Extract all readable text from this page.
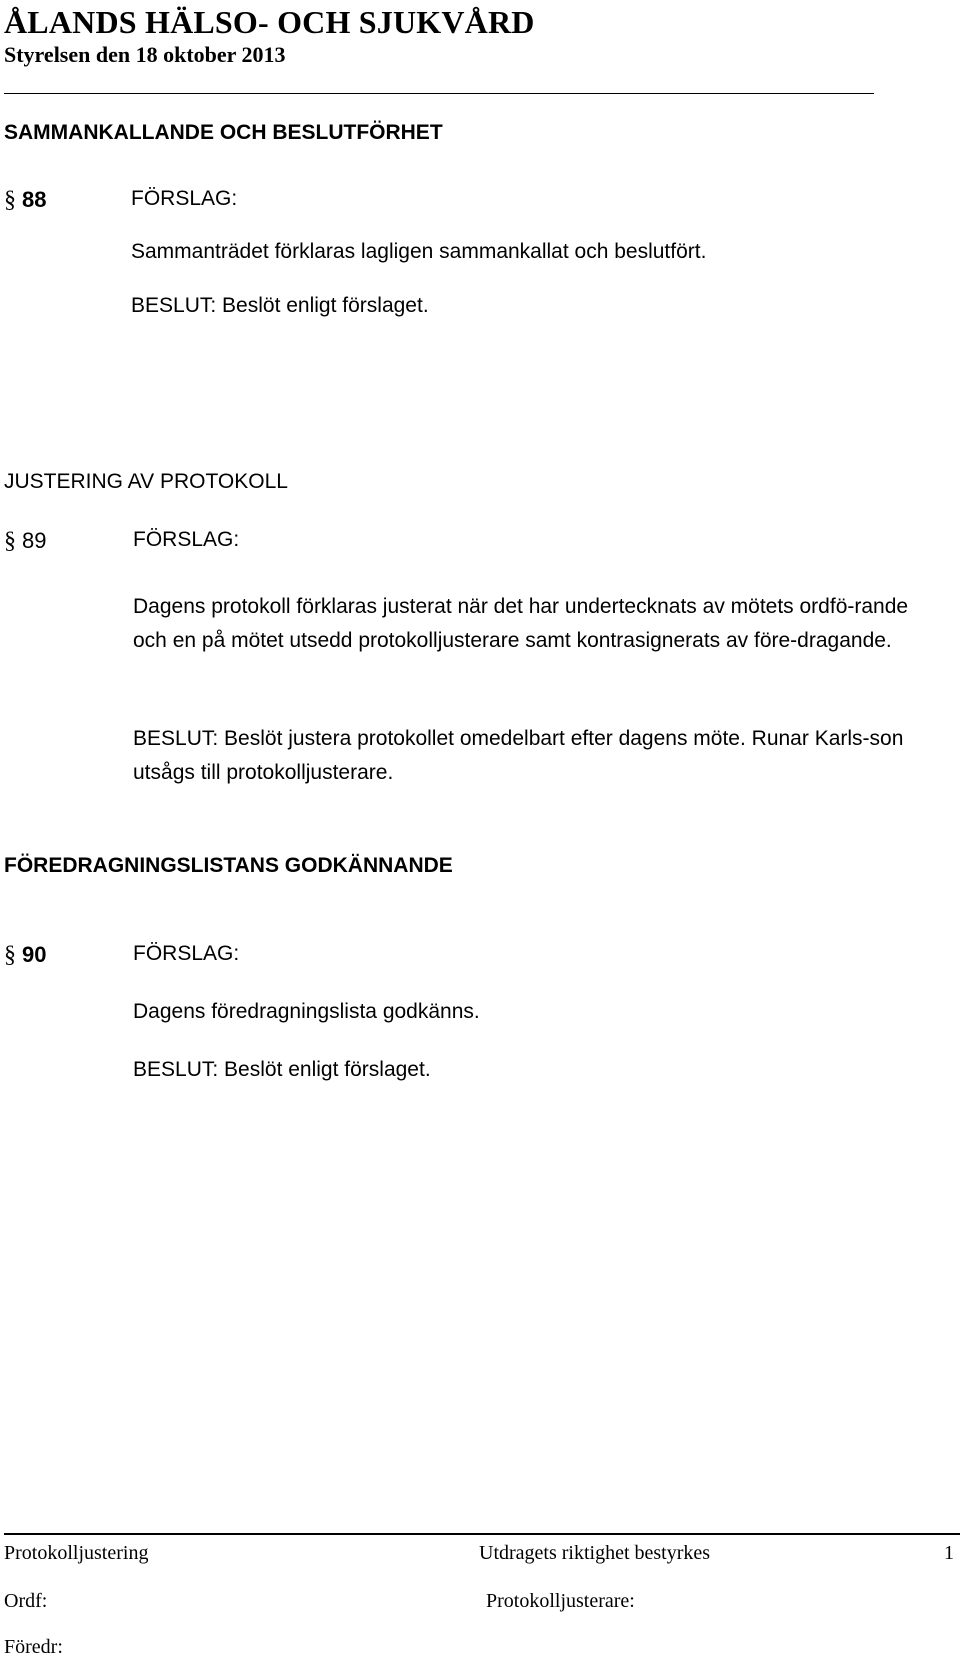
ÅLANDS HÄLSO- OCH SJUKVÅRD
Styrelsen den 18 oktober 2013
SAMMANKALLANDE OCH BESLUTFÖRHET
§ 88	FÖRSLAG:
Sammanträdet förklaras lagligen sammankallat och beslutfört.
BESLUT: Beslöt enligt förslaget.
JUSTERING AV PROTOKOLL
§ 89	FÖRSLAG:
Dagens protokoll förklaras justerat när det har undertecknats av mötets ordfö-rande och en på mötet utsedd protokolljusterare samt kontrasignerats av före-dragande.
BESLUT: Beslöt justera protokollet omedelbart efter dagens möte. Runar Karls-son utsågs till protokolljusterare.
FÖREDRAGNINGSLISTANS GODKÄNNANDE
§ 90	FÖRSLAG:
Dagens föredragningslista godkänns.
BESLUT: Beslöt enligt förslaget.
Protokolljustering	Utdragets riktighet bestyrkes	1
Ordf:	Protokolljusterare:
Föredr:
